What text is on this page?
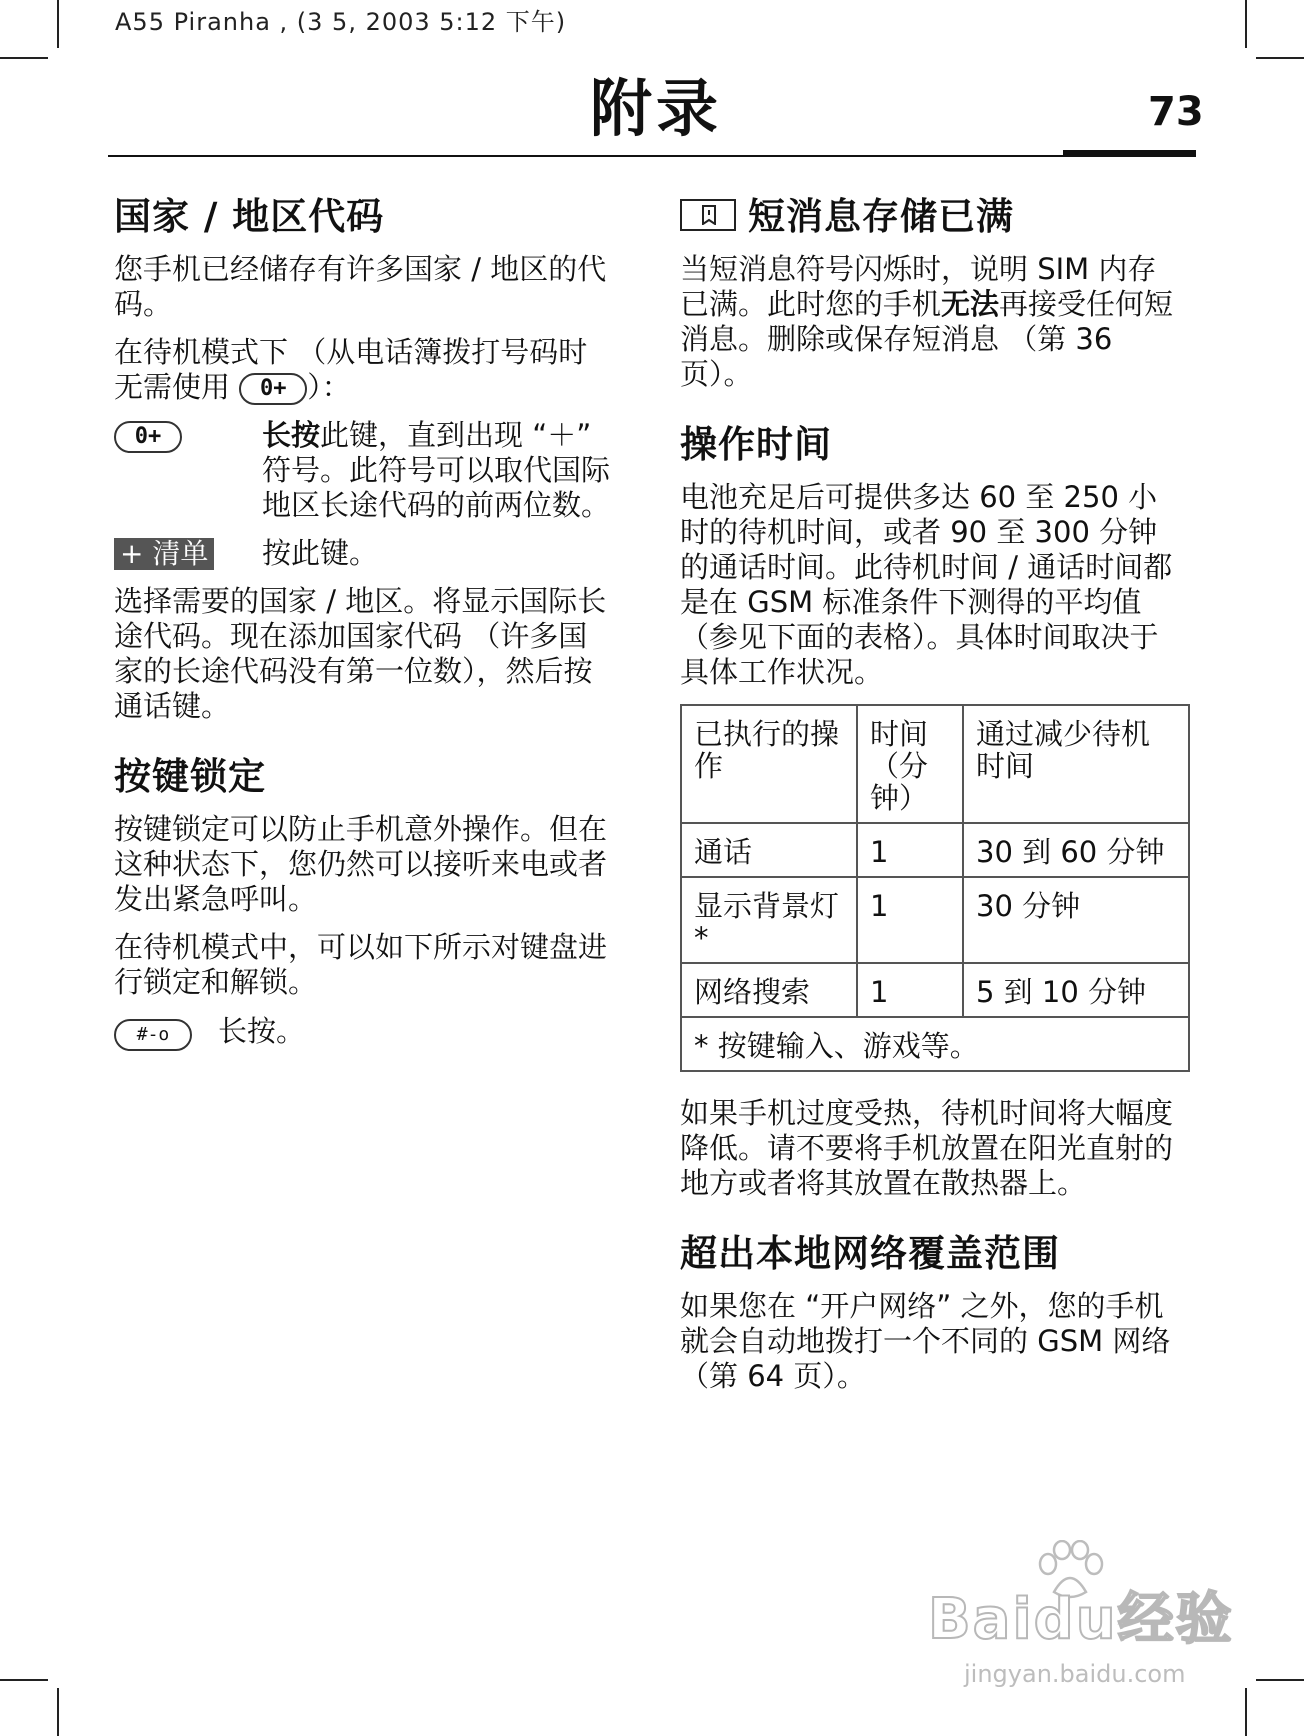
A55 Piranha , (3 5, 2003 5:12 下午)
附录	73
国家 / 地区代码

您手机已经储存有许多国家 / 地区的代码。

在待机模式下 （从电话簿拨打号码时无需使用 0+ ）：

0+	长按此键，直到出现 “＋” 符号。此符号可以取代国际地区长途代码的前两位数。
+ 清单	按此键。

选择需要的国家 / 地区。将显示国际长途代码。现在添加国家代码 （许多国家的长途代码没有第一位数），然后按通话键。

按键锁定

按键锁定可以防止手机意外操作。但在这种状态下，您仍然可以接听来电或者发出紧急呼叫。

在待机模式中，可以如下所示对键盘进行锁定和解锁。

#-o	长按。
短消息存储已满

当短消息符号闪烁时，说明 SIM 内存已满。此时您的手机无法再接受任何短消息。删除或保存短消息 （第 36 页）。

操作时间

电池充足后可提供多达 60 至 250 小时的待机时间，或者 90 至 300 分钟的通话时间。此待机时间 / 通话时间都是在 GSM 标准条件下测得的平均值 （参见下面的表格）。具体时间取决于具体工作状况。

已执行的操作	时间 （分钟）	通过减少待机时间
通话	1	30 到 60 分钟
显示背景灯 *	1	30 分钟
网络搜索	1	5 到 10 分钟
* 按键输入、游戏等。		

如果手机过度受热，待机时间将大幅度降低。请不要将手机放置在阳光直射的地方或者将其放置在散热器上。

超出本地网络覆盖范围

如果您在 “开户网络” 之外，您的手机就会自动地拨打一个不同的 GSM 网络 （第 64 页）。

Baidu经验
jingyan.baidu.com
